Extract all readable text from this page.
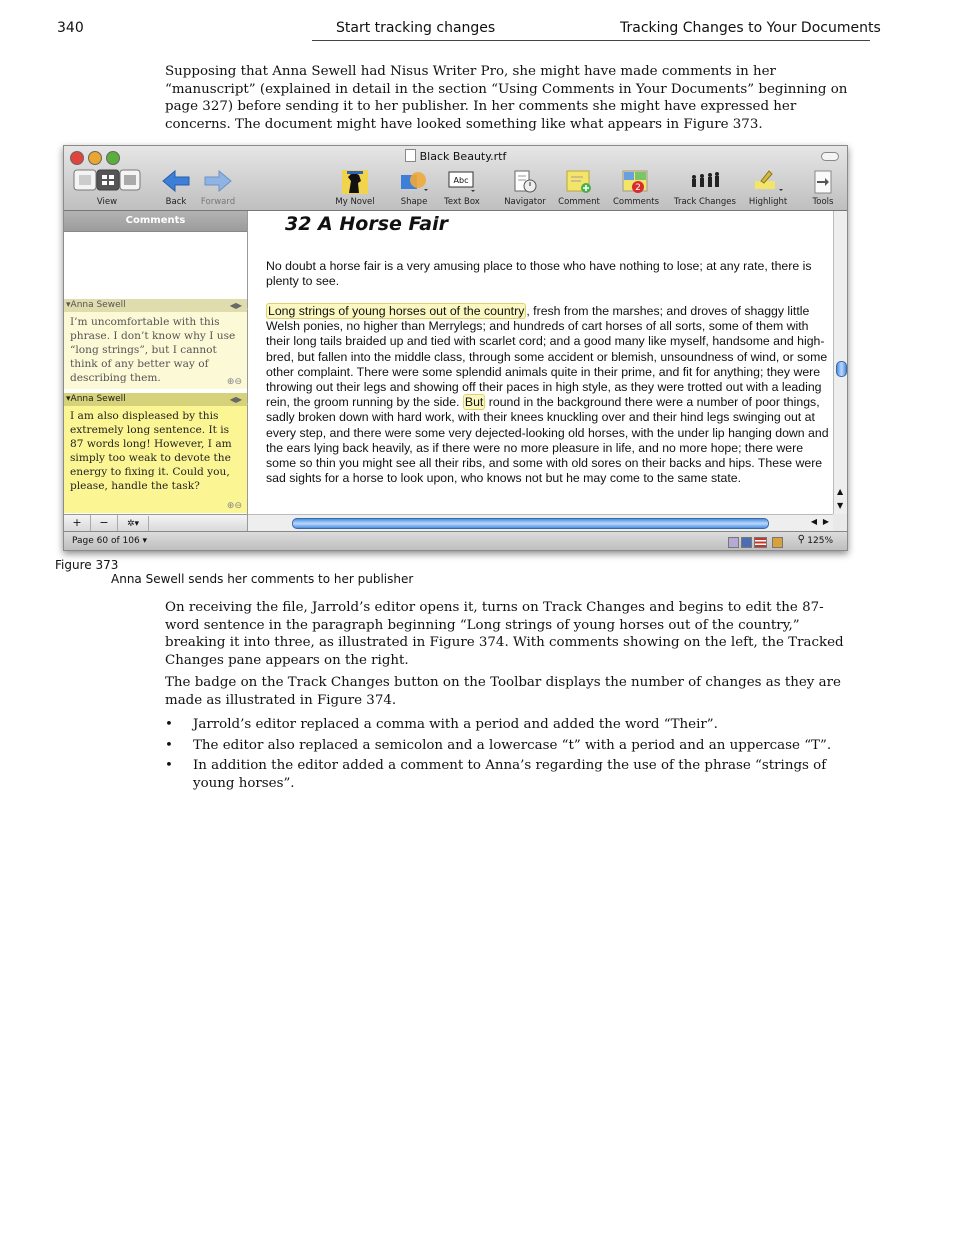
340	Start tracking changes	Tracking Changes to Your Documents
Supposing that Anna Sewell had Nisus Writer Pro, she might have made comments in her “manuscript” (explained in detail in the section “Using Comments in Your Documents” beginning on page 327) before sending it to her publisher. In her comments she might have expressed her concerns. The document might have looked something like what appears in Figure 373.
Black Beauty.rtf
View	Back	Forward	My Novel	Shape
Abc
Text Box	Navigator	Comment
2
Comments	Track Changes	Highlight	Tools
Comments
▾Anna Sewell	◀▶
I’m uncomfortable with this phrase. I don’t know why I use “long strings”, but I cannot think of any better way of describing them.	⊕⊖
▾Anna Sewell	◀▶
I am also displeased by this extremely long sentence. It is 87 words long! However, I am simply too weak to devote the energy to fixing it. Could you, please, handle the task?
⊕⊖
+ − ✲▾
32 A Horse Fair
No doubt a horse fair is a very amusing place to those who have nothing to lose; at any rate, there is plenty to see.
Long strings of young horses out of the country , fresh from the marshes; and droves of shaggy little Welsh ponies, no higher than Merrylegs; and hundreds of cart horses of all sorts, some of them with their long tails braided up and tied with scarlet cord; and a good many like myself, handsome and high-bred, but fallen into the middle class, through some accident or blemish, unsoundness of wind, or some other complaint. There were some splendid animals quite in their prime, and fit for anything; they were throwing out their legs and showing off their paces in high style, as they were trotted out with a leading rein, the groom running by the side. But round in the background there were a number of poor things, sadly broken down with hard work, with their knees knuckling over and their hind legs swinging out at every step, and there were some very dejected-looking old horses, with the under lip hanging down and the ears lying back heavily, as if there were no more pleasure in life, and no more hope; there were some so thin you might see all their ribs, and some with old sores on their backs and hips. These were sad sights for a horse to look upon, who knows not but he may come to the same state.
▲
▼
◀ ▶
Page 60 of 106 ▾	⚲ 125%
Figure 373
Anna Sewell sends her comments to her publisher
On receiving the file, Jarrold’s editor opens it, turns on Track Changes and begins to edit the 87-word sentence in the paragraph beginning “Long strings of young horses out of the country,” breaking it into three, as illustrated in Figure 374. With comments showing on the left, the Tracked Changes pane appears on the right.
The badge on the Track Changes button on the Toolbar displays the number of changes as they are made as illustrated in Figure 374.
•	Jarrold’s editor replaced a comma with a period and added the word “Their”.
•	The editor also replaced a semicolon and a lowercase “t” with a period and an uppercase “T”.
•	In addition the editor added a comment to Anna’s regarding the use of the phrase “strings of young horses”.
